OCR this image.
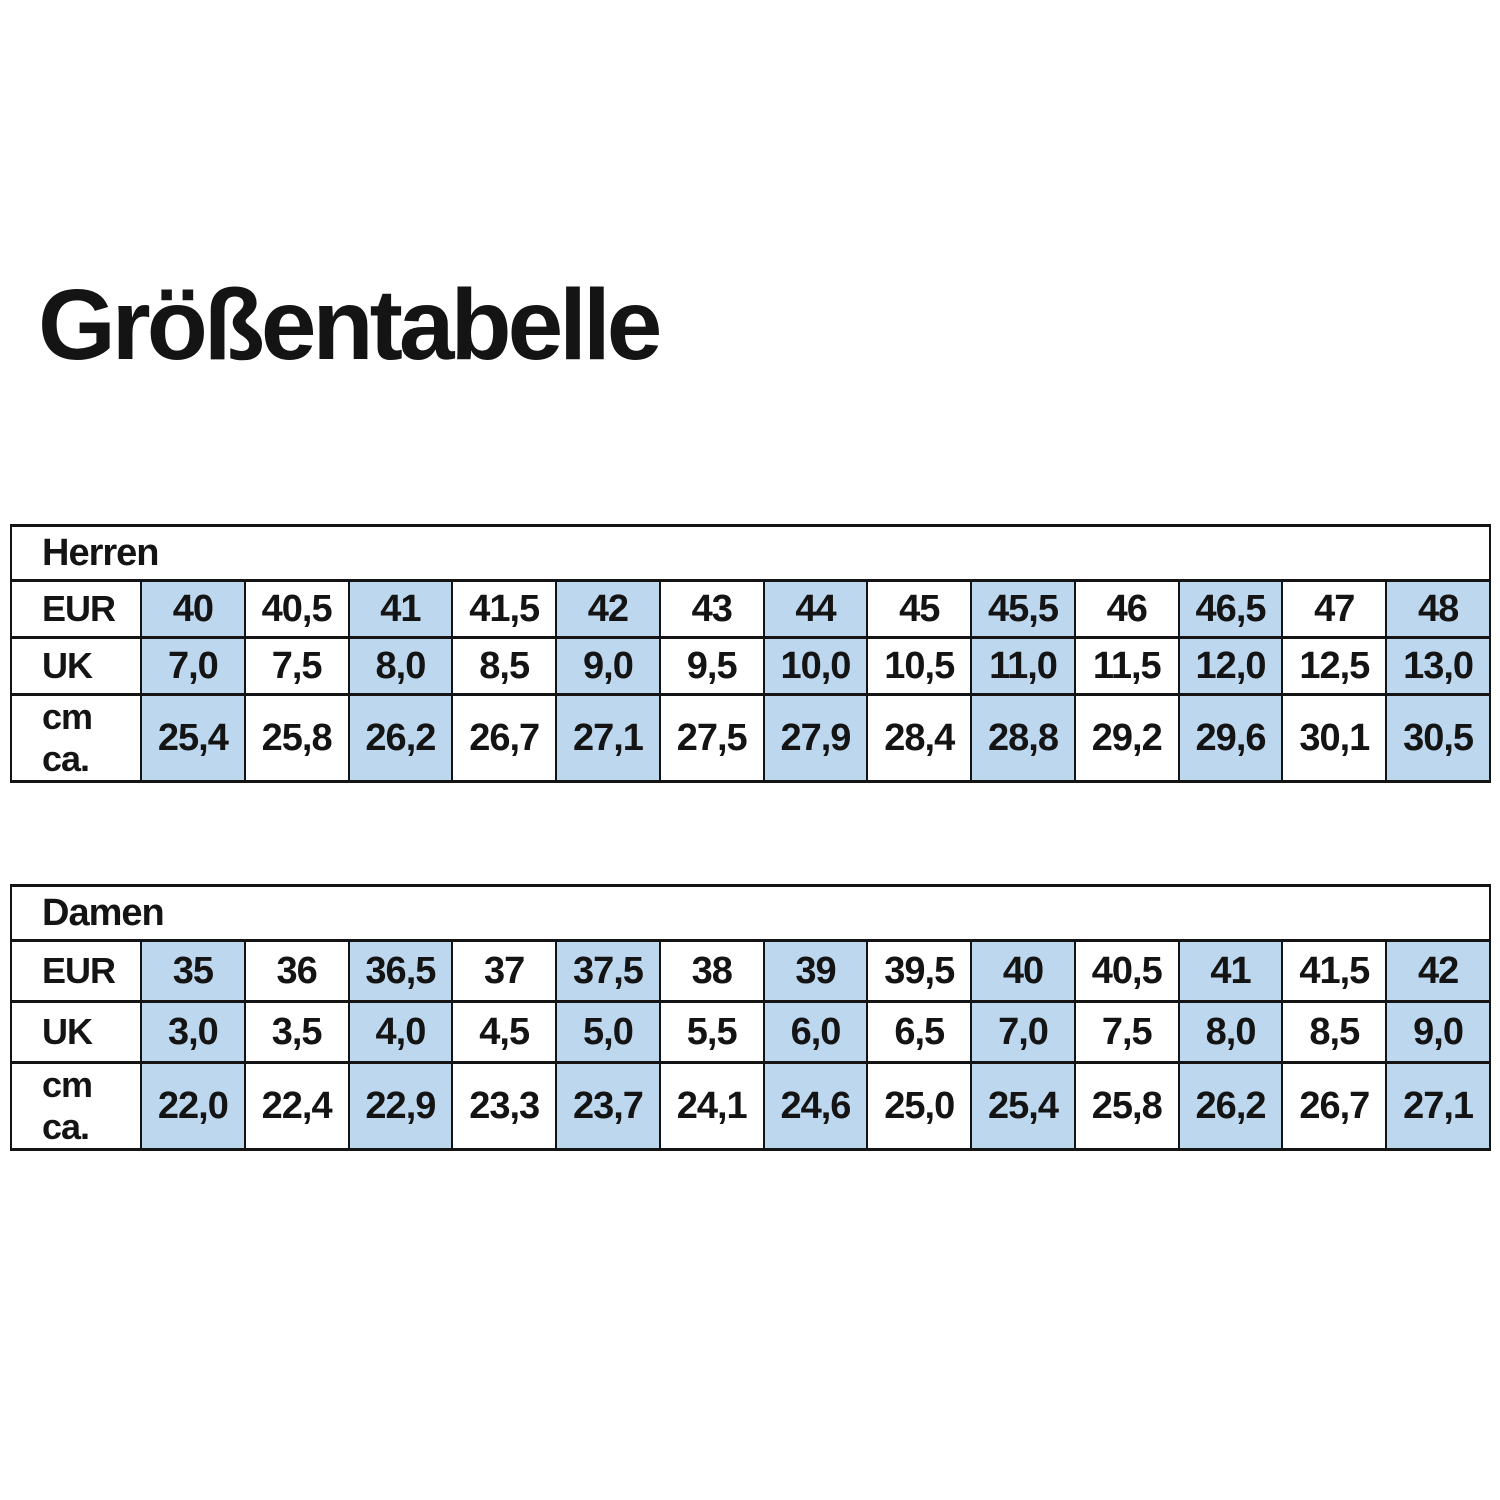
Größentabelle
Herren													
EUR	40	40,5	41	41,5	42	43	44	45	45,5	46	46,5	47	48
UK	7,0	7,5	8,0	8,5	9,0	9,5	10,0	10,5	11,0	11,5	12,0	12,5	13,0
cm ca.	25,4	25,8	26,2	26,7	27,1	27,5	27,9	28,4	28,8	29,2	29,6	30,1	30,5
Damen													
EUR	35	36	36,5	37	37,5	38	39	39,5	40	40,5	41	41,5	42
UK	3,0	3,5	4,0	4,5	5,0	5,5	6,0	6,5	7,0	7,5	8,0	8,5	9,0
cm ca.	22,0	22,4	22,9	23,3	23,7	24,1	24,6	25,0	25,4	25,8	26,2	26,7	27,1
